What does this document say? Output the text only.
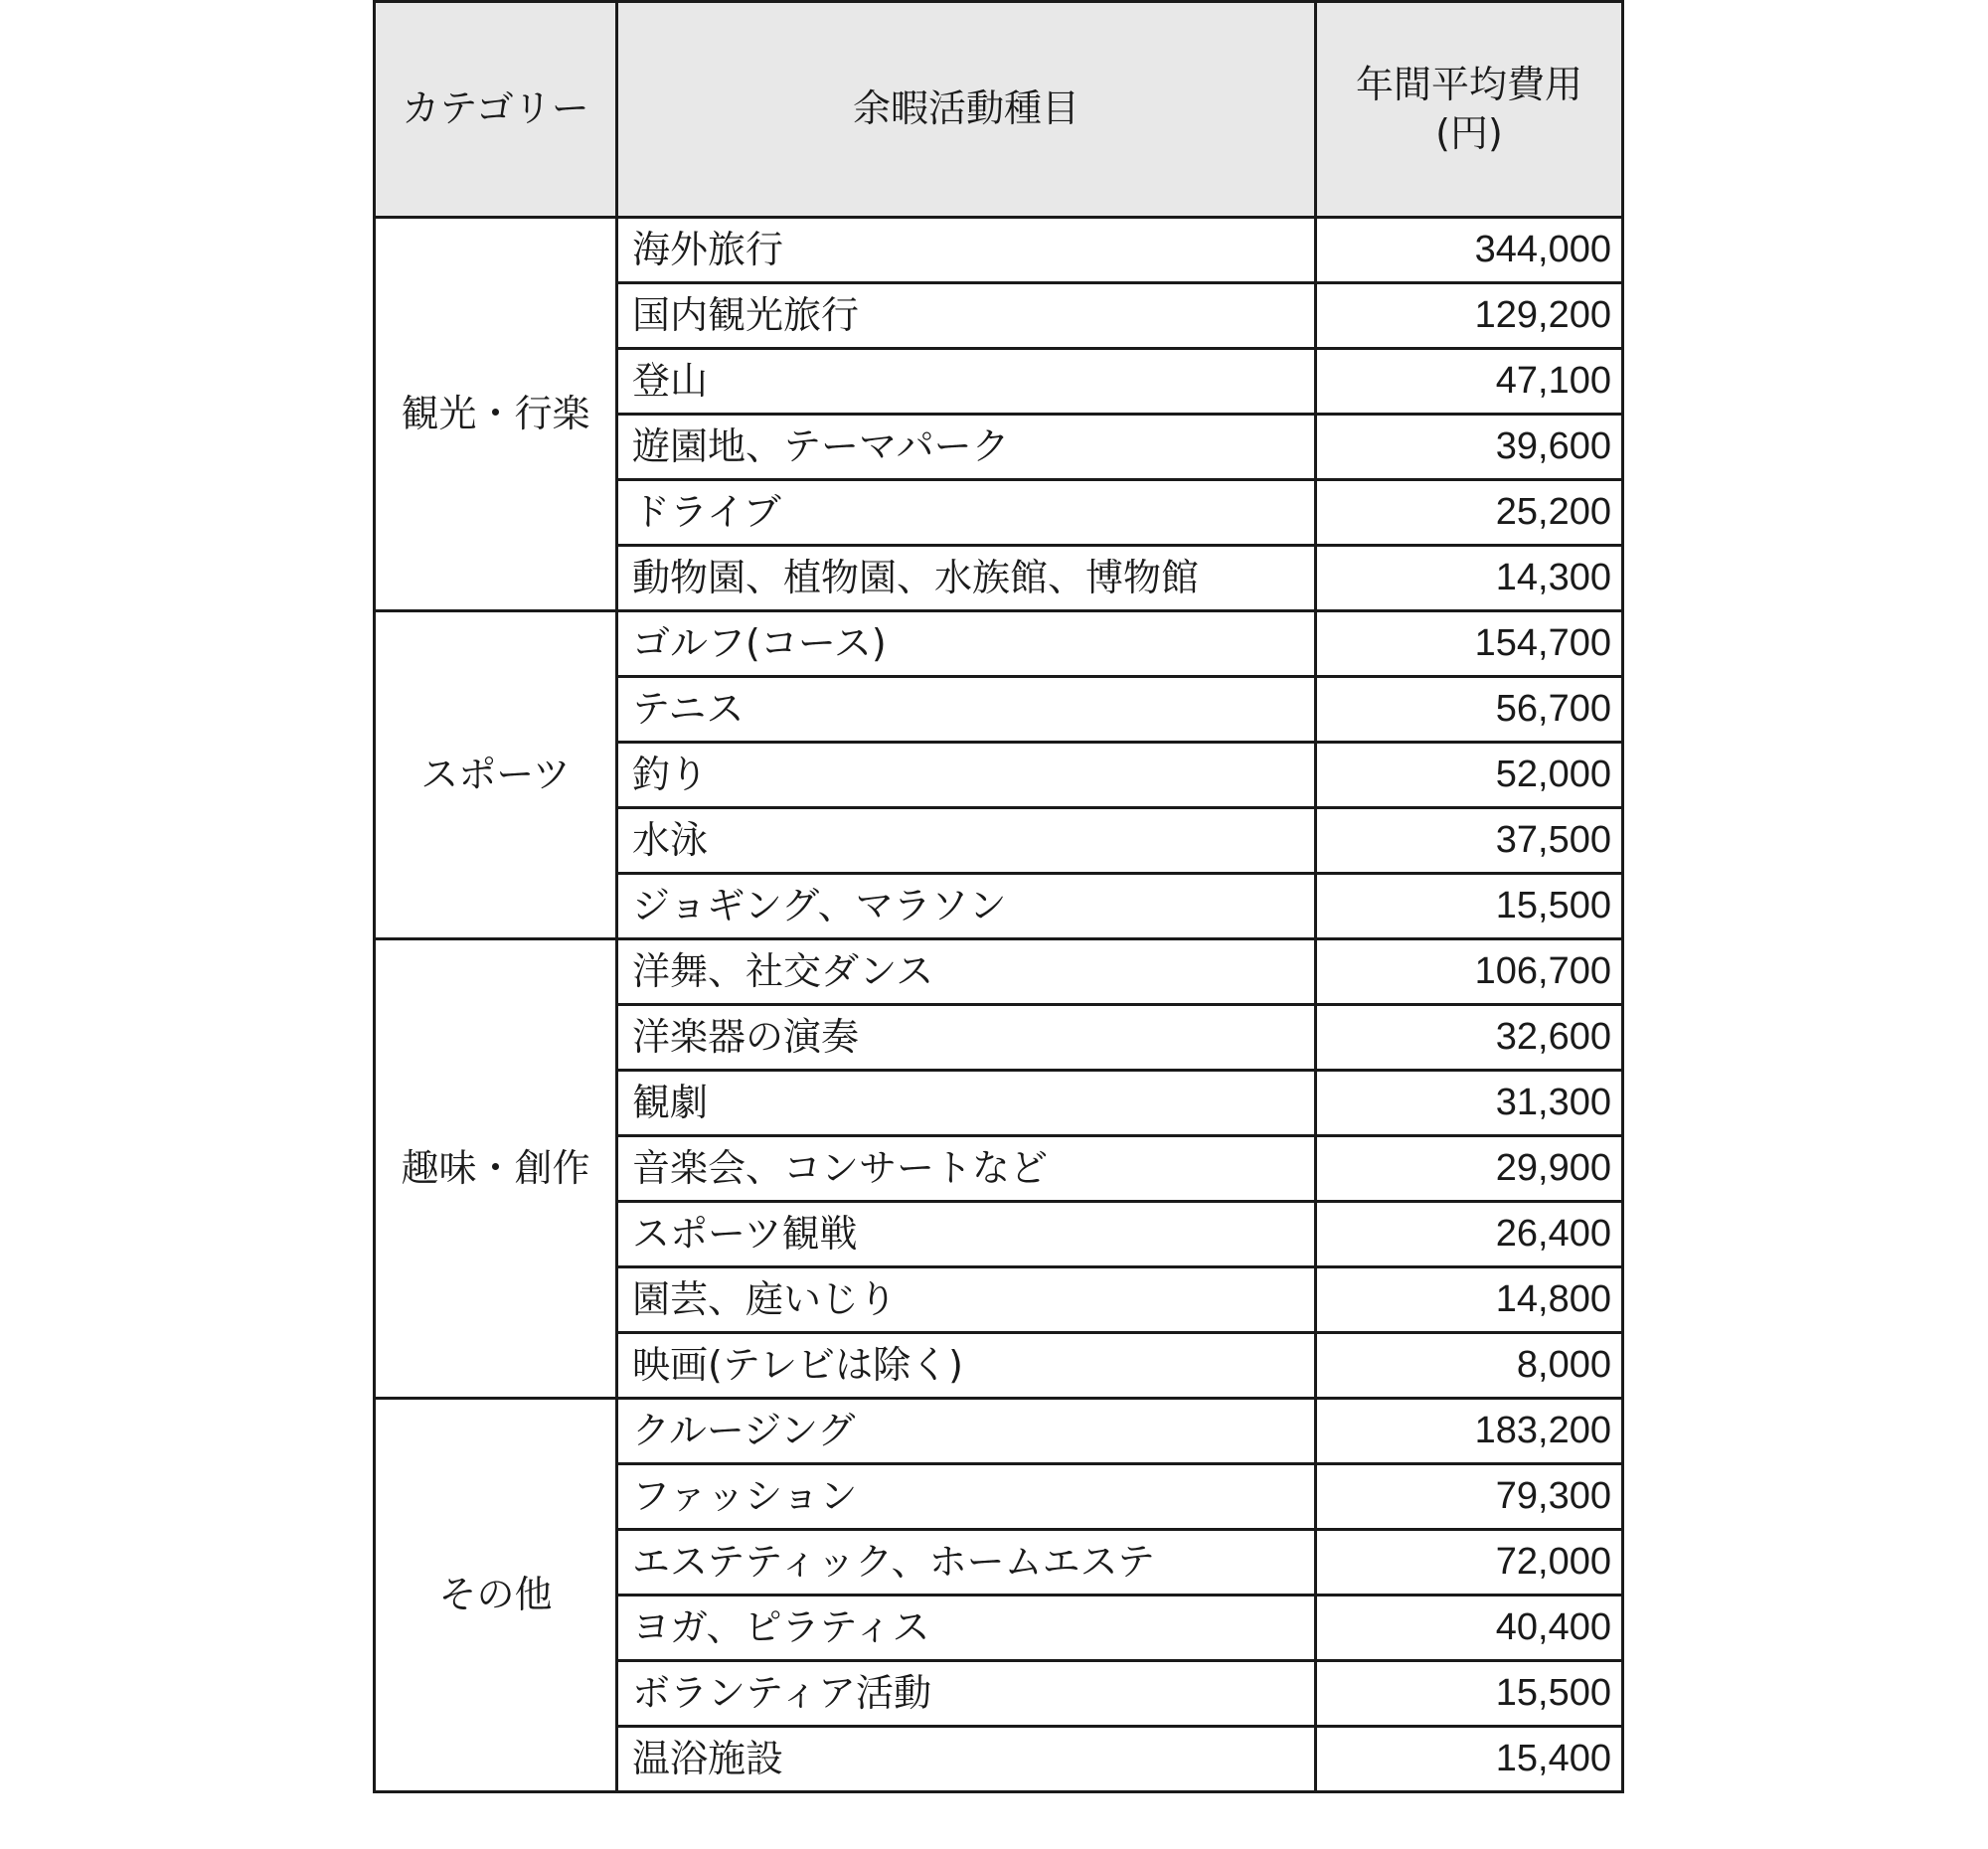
カテゴリー	余暇活動種目	年間平均費用
(円)

観光・行楽	海外旅行	344,000
	国内観光旅行	129,200
	登山	47,100
	遊園地、テーマパーク	39,600
	ドライブ	25,200
	動物園、植物園、水族館、博物館	14,300
スポーツ	ゴルフ(コース)	154,700
	テニス	56,700
	釣り	52,000
	水泳	37,500
	ジョギング、マラソン	15,500
趣味・創作	洋舞、社交ダンス	106,700
	洋楽器の演奏	32,600
	観劇	31,300
	音楽会、コンサートなど	29,900
	スポーツ観戦	26,400
	園芸、庭いじり	14,800
	映画(テレビは除く)	8,000
その他	クルージング	183,200
	ファッション	79,300
	エステティック、ホームエステ	72,000
	ヨガ、ピラティス	40,400
	ボランティア活動	15,500
	温浴施設	15,400
